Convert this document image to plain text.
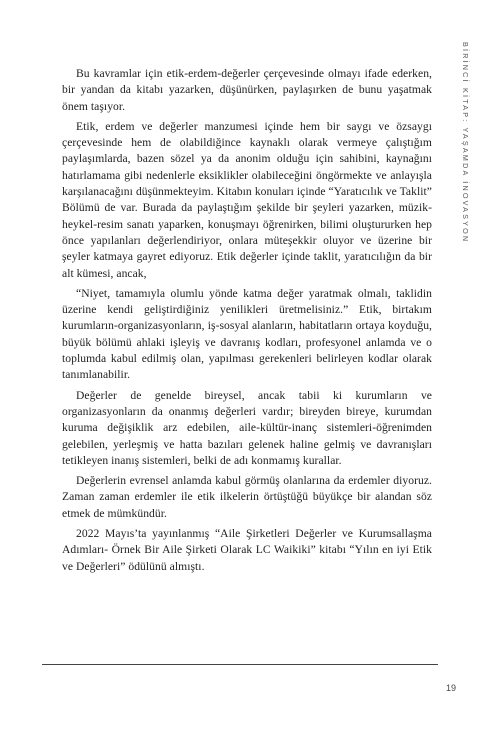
BİRİNCİ KİTAP: YAŞAMDA İNOVASYON

Bu kavramlar için etik-erdem-değerler çerçevesinde olmayı ifade ederken, bir yandan da kitabı yazarken, düşünürken, paylaşırken de bunu yaşatmak önem taşıyor.

Etik, erdem ve değerler manzumesi içinde hem bir saygı ve özsaygı çerçevesinde hem de olabildiğince kaynaklı olarak vermeye çalıştığım paylaşımlarda, bazen sözel ya da anonim olduğu için sahibini, kaynağını hatırlamama gibi nedenlerle eksiklikler olabileceğini öngörmekte ve anlayışla karşılanacağını düşünmekteyim. Kitabın konuları içinde “Yaratıcılık ve Taklit” Bölümü de var. Burada da paylaştığım şekilde bir şeyleri yazarken, müzik-heykel-resim sanatı yaparken, konuşmayı öğrenirken, bilimi oluştururken hep önce yapılanları değerlendiriyor, onlara müteşekkir oluyor ve üzerine bir şeyler katmaya gayret ediyoruz. Etik değerler içinde taklit, yaratıcılığın da bir alt kümesi, ancak,

“Niyet, tamamıyla olumlu yönde katma değer yaratmak olmalı, taklidin üzerine kendi geliştirdiğiniz yenilikleri üretmelisiniz.” Etik, birtakım kurumların-organizasyonların, iş-sosyal alanların, habitatların ortaya koyduğu, büyük bölümü ahlaki işleyiş ve davranış kodları, profesyonel anlamda ve o toplumda kabul edilmiş olan, yapılması gerekenleri belirleyen kodlar olarak tanımlanabilir.

Değerler de genelde bireysel, ancak tabii ki kurumların ve organizasyonların da onanmış değerleri vardır; bireyden bireye, kurumdan kuruma değişiklik arz edebilen, aile-kültür-inanç sistemleri-öğrenimden gelebilen, yerleşmiş ve hatta bazıları gelenek haline gelmiş ve davranışları tetikleyen inanış sistemleri, belki de adı konmamış kurallar.

Değerlerin evrensel anlamda kabul görmüş olanlarına da erdemler diyoruz. Zaman zaman erdemler ile etik ilkelerin örtüştüğü büyükçe bir alandan söz etmek de mümkündür.

2022 Mayıs’ta yayınlanmış “Aile Şirketleri Değerler ve Kurumsallaşma Adımları- Örnek Bir Aile Şirketi Olarak LC Waikiki” kitabı “Yılın en iyi Etik ve Değerleri” ödülünü almıştı.

19
